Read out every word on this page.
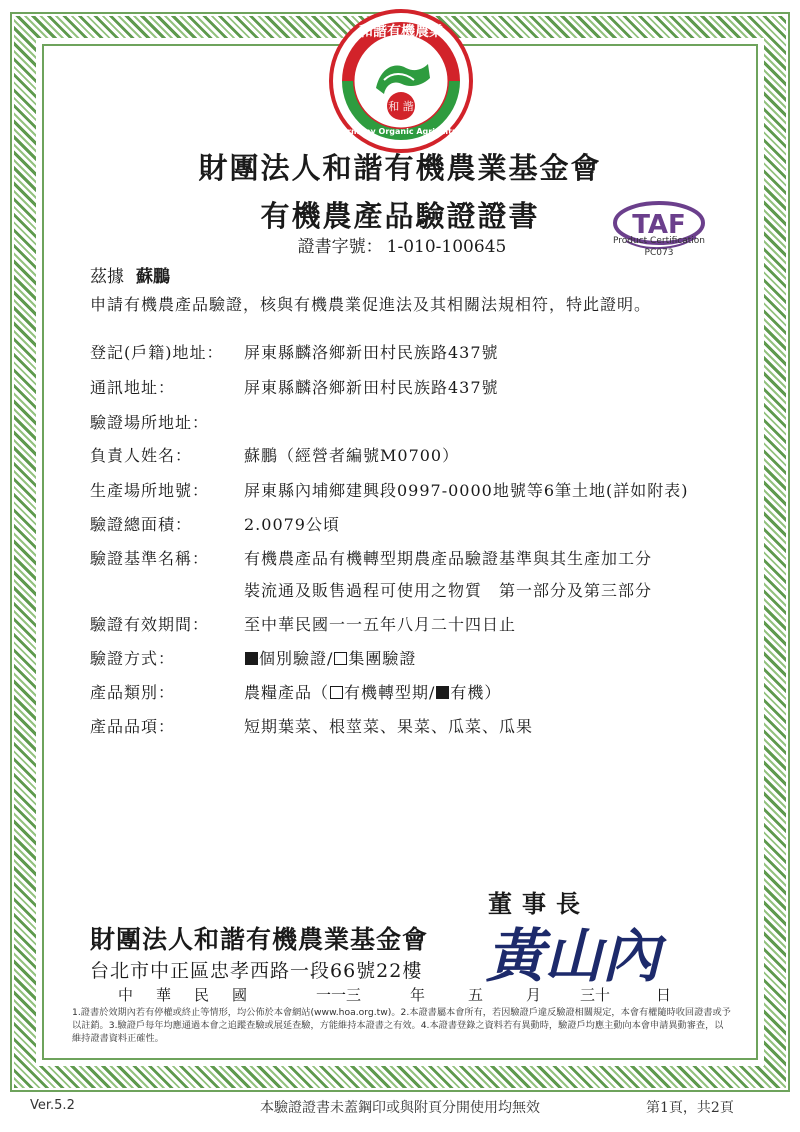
和 諧
和諧有機農業
Harmony Organic Agriculture
財團法人和諧有機農業基金會
有機農產品驗證證書
證書字號： 1-010-100645
TAF
Product Certification
PC073
茲據 蘇鵬
申請有機農產品驗證，核與有機農業促進法及其相關法規相符，特此證明。
登記(戶籍)地址： 屏東縣麟洛鄉新田村民族路437號
通訊地址：	屏東縣麟洛鄉新田村民族路437號
驗證場所地址：
負責人姓名：	蘇鵬（經營者編號M0700）
生產場所地號： 屏東縣內埔鄉建興段0997-0000地號等6筆土地(詳如附表)
驗證總面積：	2.0079公頃
驗證基準名稱： 有機農產品有機轉型期農產品驗證基準與其生產加工分
裝流通及販售過程可使用之物質　第一部分及第三部分
驗證有效期間： 至中華民國一一五年八月二十四日止
驗證方式：	個別驗證/ 集團驗證
產品類別：	農糧產品（ 有機轉型期/ 有機）
產品品項：	短期葉菜、根莖菜、果菜、瓜菜、瓜果
董事長
財團法人和諧有機農業基金會
台北市中正區忠孝西路一段66號22樓 黃山內
中 華 民 國	一一三	年	五	月	三十	日
1.證書於效期內若有停權或終止等情形，均公佈於本會網站(www.hoa.org.tw)。2.本證書屬本會所有，若因驗證戶違反驗證相關規定，本會有權隨時收回證書或予以註銷。3.驗證戶每年均應通過本會之追蹤查驗或展延查驗，方能維持本證書之有效。4.本證書登錄之資料若有異動時，驗證戶均應主動向本會申請異動審查，以維持證書資料正確性。
Ver.5.2	本驗證證書未蓋鋼印或與附頁分開使用均無效	第1頁，共2頁
